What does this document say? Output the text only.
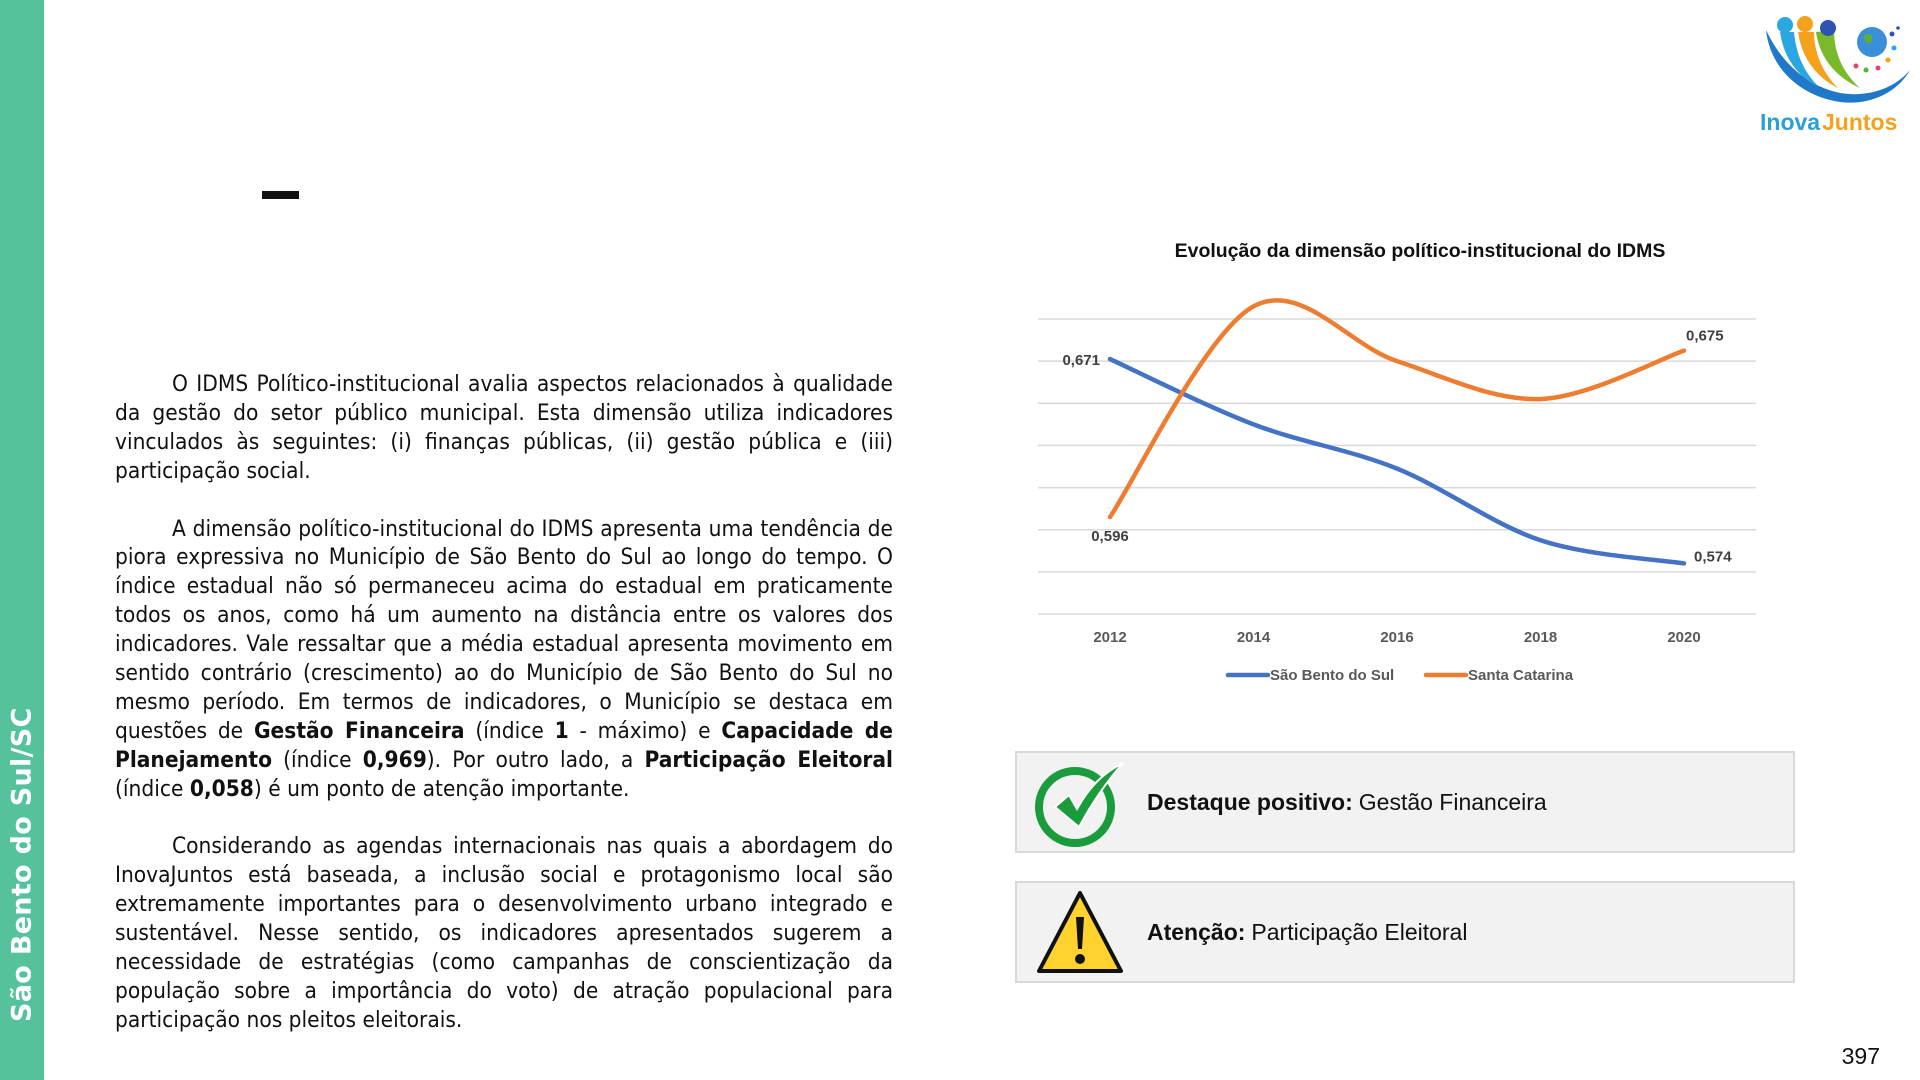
São Bento do Sul/SC
Inova Juntos

O IDMS Político-institucional avalia aspectos relacionados à qualidade da gestão do setor público municipal. Esta dimensão utiliza indicadores vinculados às seguintes: (i) finanças públicas, (ii) gestão pública e (iii) participação social.

A dimensão político-institucional do IDMS apresenta uma tendência de piora expressiva no Município de São Bento do Sul ao longo do tempo. O índice estadual não só permaneceu acima do estadual em praticamente todos os anos, como há um aumento na distância entre os valores dos indicadores. Vale ressaltar que a média estadual apresenta movimento em sentido contrário (crescimento) ao do Município de São Bento do Sul no mesmo período. Em termos de indicadores, o Município se destaca em questões de Gestão Financeira (índice 1 - máximo) e Capacidade de Planejamento (índice 0,969). Por outro lado, a Participação Eleitoral (índice 0,058) é um ponto de atenção importante.

Considerando as agendas internacionais nas quais a abordagem do InovaJuntos está baseada, a inclusão social e protagonismo local são extremamente importantes para o desenvolvimento urbano integrado e sustentável. Nesse sentido, os indicadores apresentados sugerem a necessidade de estratégias (como campanhas de conscientização da população sobre a importância do voto) de atração populacional para participação nos pleitos eleitorais.

Evolução da dimensão político-institucional do IDMS
2012	2014	2016	2018	2020
0,671
0,574
0,596
0,675
São Bento do Sul	Santa Catarina
Destaque positivo: Gestão Financeira
Atenção: Participação Eleitoral
397
